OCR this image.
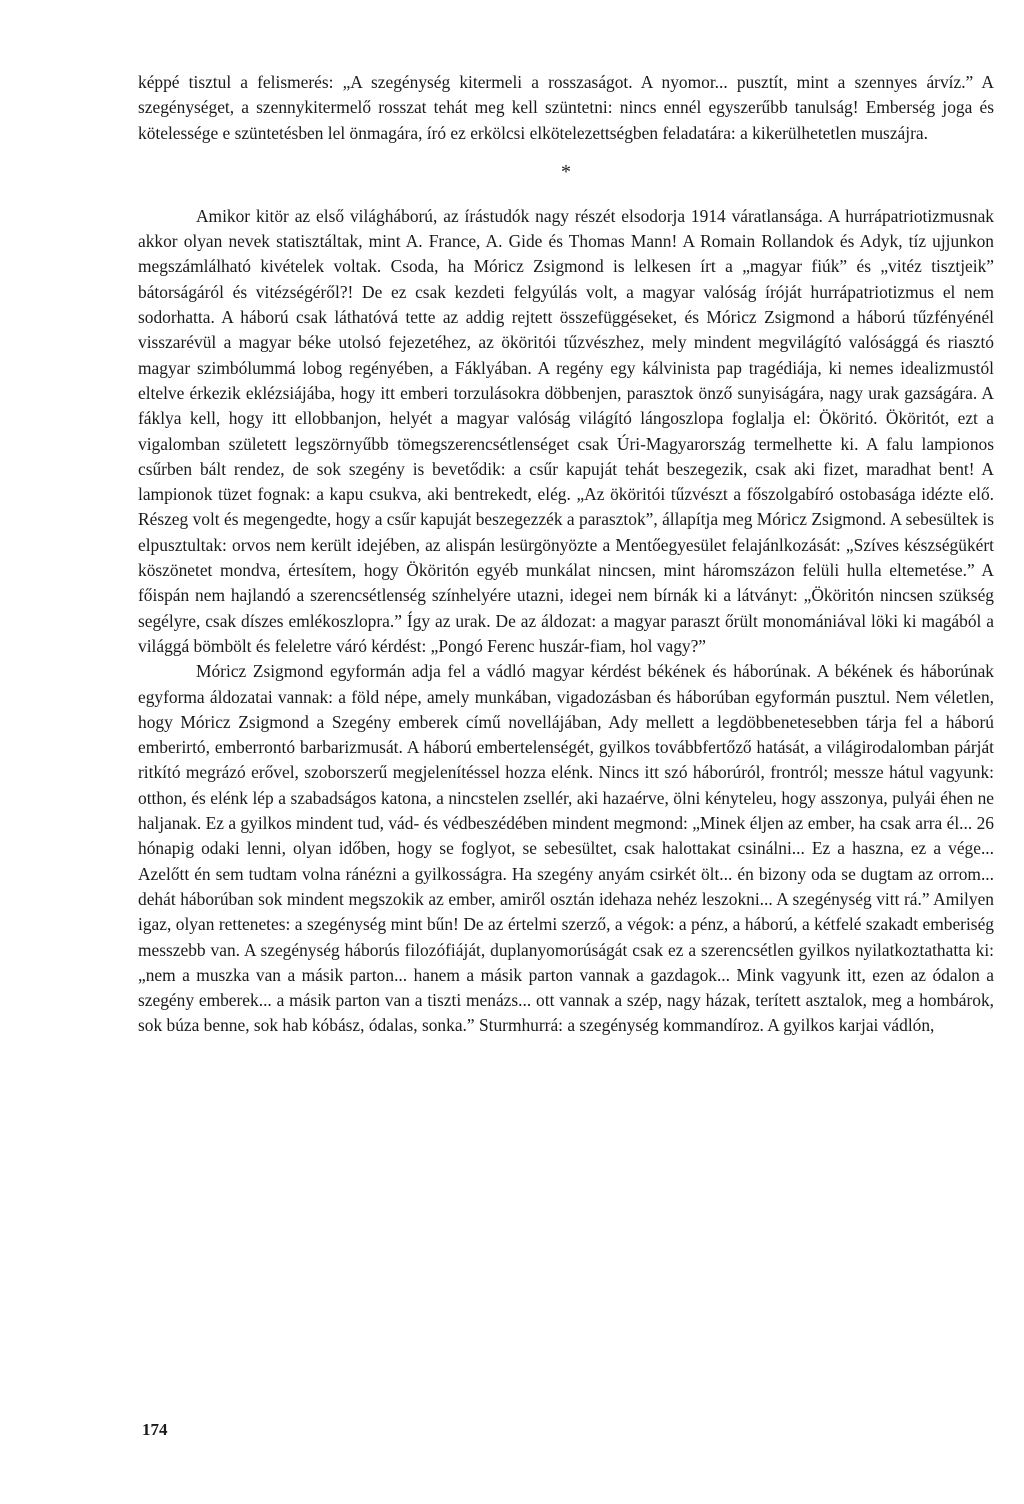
képpé tisztul a felismerés: „A szegénység kitermeli a rosszaságot. A nyomor... pusztít, mint a szennyes árvíz.” A szegénységet, a szennykitermelő rosszat tehát meg kell szüntetni: nincs ennél egyszerűbb tanulság! Emberség joga és kötelessége e szüntetésben lel önmagára, író ez erkölcsi elkötelezettségben feladatára: a kikerülhetetlen muszájra.

*

Amikor kitör az első világháború, az írástudók nagy részét elsodorja 1914 váratlansága. A hurrápatriotizmusnak akkor olyan nevek statisztáltak, mint A. France, A. Gide és Thomas Mann! A Romain Rollandok és Adyk, tíz ujjunkon megszámlálható kivételek voltak. Csoda, ha Móricz Zsigmond is lelkesen írt a „magyar fiúk” és „vitéz tisztjeik” bátorságáról és vitézségéről?! De ez csak kezdeti felgyúlás volt, a magyar valóság íróját hurrápatriotizmus el nem sodorhatta. A háború csak láthatóvá tette az addig rejtett összefüggéseket, és Móricz Zsigmond a háború tűzfényénél visszarévül a magyar béke utolsó fejezetéhez, az ököritói tűzvészhez, mely mindent megvilágító valósággá és riasztó magyar szimbólummá lobog regényében, a Fáklyában. A regény egy kálvinista pap tragédiája, ki nemes idealizmustól eltelve érkezik eklézsiájába, hogy itt emberi torzulásokra döbbenjen, parasztok önző sunyiságára, nagy urak gazságára. A fáklya kell, hogy itt ellobbanjon, helyét a magyar valóság világító lángoszlopa foglalja el: Ököritó. Ököritót, ezt a vigalomban született legszörnyűbb tömegszerencsétlenséget csak Úri-Magyarország termelhette ki. A falu lampionos csűrben bált rendez, de sok szegény is bevetődik: a csűr kapuját tehát beszegezik, csak aki fizet, maradhat bent! A lampionok tüzet fognak: a kapu csukva, aki bentrekedt, elég. „Az ököritói tűzvészt a főszolgabíró ostobasága idézte elő. Részeg volt és megengedte, hogy a csűr kapuját beszegezzék a parasztok”, állapítja meg Móricz Zsigmond. A sebesültek is elpusztultak: orvos nem került idejében, az alispán lesürgönyözte a Mentőegyesület felajánlkozását: „Szíves készségükért köszönetet mondva, értesítem, hogy Ököritón egyéb munkálat nincsen, mint háromszázon felüli hulla eltemetése.” A főispán nem hajlandó a szerencsétlenség színhelyére utazni, idegei nem bírnák ki a látványt: „Ököritón nincsen szükség segélyre, csak díszes emlékoszlopra.” Így az urak. De az áldozat: a magyar paraszt őrült monomániával löki ki magából a világgá bömbölt és feleletre váró kérdést: „Pongó Ferenc huszár-fiam, hol vagy?”

Móricz Zsigmond egyformán adja fel a vádló magyar kérdést békének és háborúnak. A békének és háborúnak egyforma áldozatai vannak: a föld népe, amely munkában, vigadozásban és háborúban egyformán pusztul. Nem véletlen, hogy Móricz Zsigmond a Szegény emberek című novellájában, Ady mellett a legdöbbenetesebben tárja fel a háború emberirtó, emberrontó barbarizmusát. A háború embertelenségét, gyilkos továbbfertőző hatását, a világirodalomban párját ritkító megrázó erővel, szoborszerű megjelenítéssel hozza elénk. Nincs itt szó háborúról, frontról; messze hátul vagyunk: otthon, és elénk lép a szabadságos katona, a nincstelen zsellér, aki hazaérve, ölni kényteleu, hogy asszonya, pulyái éhen ne haljanak. Ez a gyilkos mindent tud, vád- és védbeszédében mindent megmond: „Minek éljen az ember, ha csak arra él... 26 hónapig odaki lenni, olyan időben, hogy se foglyot, se sebesültet, csak halottakat csinálni... Ez a haszna, ez a vége... Azelőtt én sem tudtam volna ránézni a gyilkosságra. Ha szegény anyám csirkét ölt... én bizony oda se dugtam az orrom... dehát háborúban sok mindent megszokik az ember, amiről osztán idehaza nehéz leszokni... A szegénység vitt rá.” Amilyen igaz, olyan rettenetes: a szegénység mint bűn! De az értelmi szerző, a végok: a pénz, a háború, a kétfelé szakadt emberiség messzebb van. A szegénység háborús filozófiáját, duplanyomorúságát csak ez a szerencsétlen gyilkos nyilatkoztathatta ki: „nem a muszka van a másik parton... hanem a másik parton vannak a gazdagok... Mink vagyunk itt, ezen az ódalon a szegény emberek... a másik parton van a tiszti menázs... ott vannak a szép, nagy házak, terített asztalok, meg a hombárok, sok búza benne, sok hab kóbász, ódalas, sonka.” Sturmhurrá: a szegénység kommandíroz. A gyilkos karjai vádlón,

174
